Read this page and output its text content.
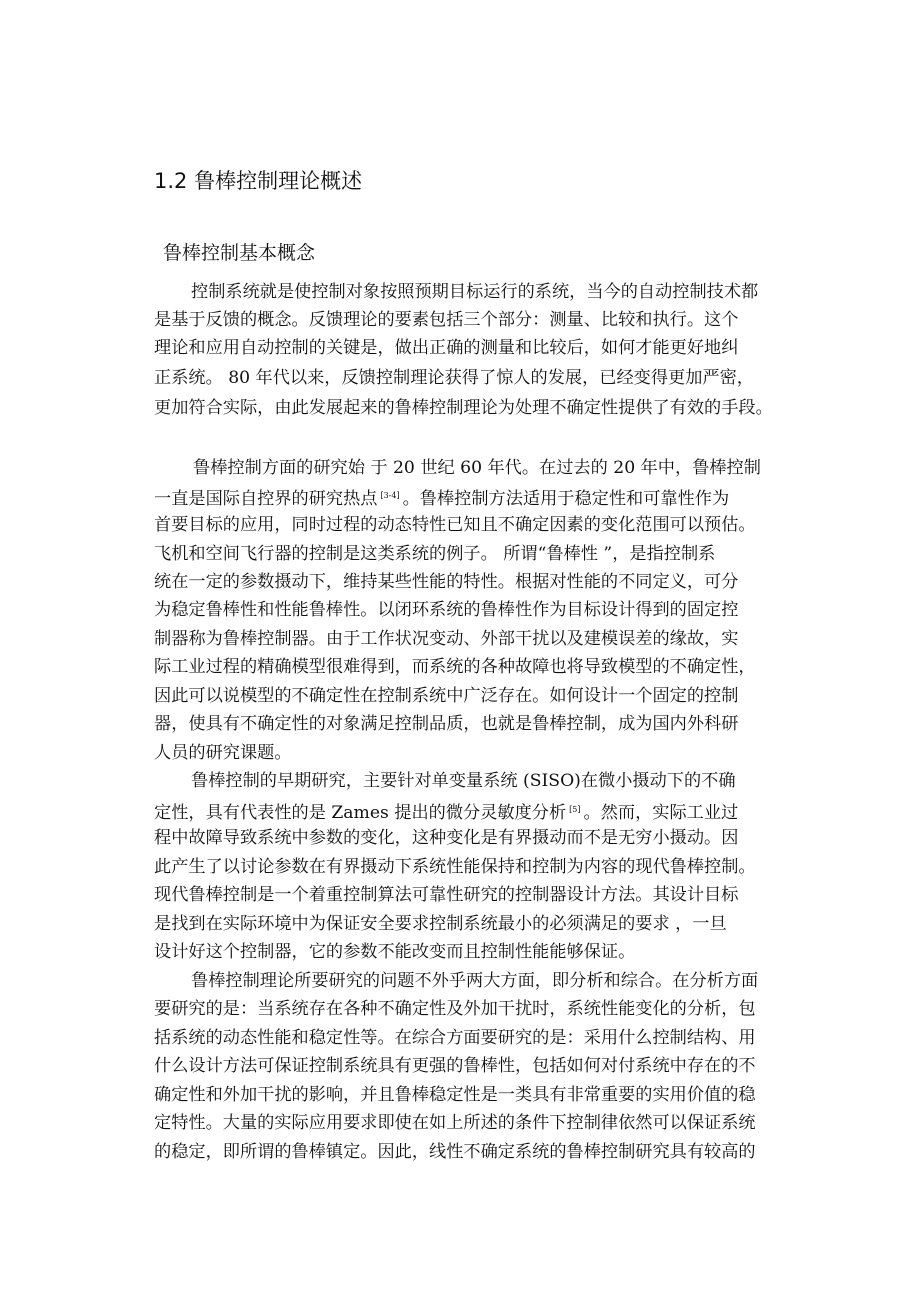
1.2 鲁棒控制理论概述
鲁棒控制基本概念
控制系统就是使控制对象按照预期目标运行的系统，当今的自动控制技术都
是基于反馈的概念。反馈理论的要素包括三个部分：测量、比较和执行。这个
理论和应用自动控制的关键是，做出正确的测量和比较后，如何才能更好地纠
正系统。 80 年代以来，反馈控制理论获得了惊人的发展，已经变得更加严密，
更加符合实际，由此发展起来的鲁棒控制理论为处理不确定性提供了有效的手段。
鲁棒控制方面的研究始 于 20 世纪 60 年代。在过去的 20 年中，鲁棒控制
一直是国际自控界的研究热点 [3-4] 。鲁棒控制方法适用于稳定性和可靠性作为
首要目标的应用，同时过程的动态特性已知且不确定因素的变化范围可以预估。
飞机和空间飞行器的控制是这类系统的例子。 所谓“鲁棒性 ”，是指控制系
统在一定的参数摄动下，维持某些性能的特性。根据对性能的不同定义，可分
为稳定鲁棒性和性能鲁棒性。以闭环系统的鲁棒性作为目标设计得到的固定控
制器称为鲁棒控制器。由于工作状况变动、外部干扰以及建模误差的缘故，实
际工业过程的精确模型很难得到，而系统的各种故障也将导致模型的不确定性，
因此可以说模型的不确定性在控制系统中广泛存在。如何设计一个固定的控制
器，使具有不确定性的对象满足控制品质，也就是鲁棒控制，成为国内外科研
人员的研究课题。
鲁棒控制的早期研究，主要针对单变量系统 (SISO)在微小摄动下的不确
定性，具有代表性的是 Zames 提出的微分灵敏度分析 [5] 。然而，实际工业过
程中故障导致系统中参数的变化，这种变化是有界摄动而不是无穷小摄动。因
此产生了以讨论参数在有界摄动下系统性能保持和控制为内容的现代鲁棒控制。
现代鲁棒控制是一个着重控制算法可靠性研究的控制器设计方法。其设计目标
是找到在实际环境中为保证安全要求控制系统最小的必须满足的要求 ，一旦
设计好这个控制器，它的参数不能改变而且控制性能能够保证。
鲁棒控制理论所要研究的问题不外乎两大方面，即分析和综合。在分析方面
要研究的是：当系统存在各种不确定性及外加干扰时，系统性能变化的分析，包
括系统的动态性能和稳定性等。在综合方面要研究的是：采用什么控制结构、用
什么设计方法可保证控制系统具有更强的鲁棒性，包括如何对付系统中存在的不
确定性和外加干扰的影响，并且鲁棒稳定性是一类具有非常重要的实用价值的稳
定特性。大量的实际应用要求即使在如上所述的条件下控制律依然可以保证系统
的稳定，即所谓的鲁棒镇定。因此，线性不确定系统的鲁棒控制研究具有较高的
